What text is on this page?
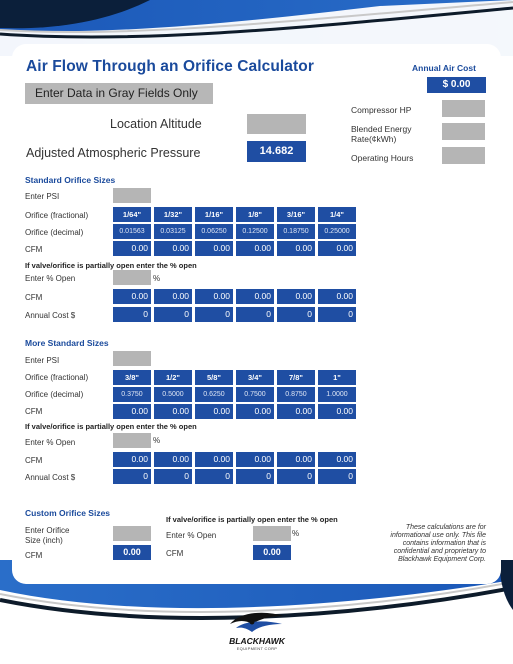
Air Flow Through an Orifice Calculator
Enter Data in Gray Fields Only
Location Altitude
Adjusted Atmospheric Pressure	14.682
Annual Air Cost
$ 0.00
Compressor HP
Blended Energy
Rate(¢kWh)
Operating Hours
Standard Orifice Sizes
Enter PSI
Orifice (fractional)	1/64"	1/32"	1/16"	1/8"	3/16"	1/4"
Orifice (decimal)	0.01563	0.03125	0.06250	0.12500	0.18750	0.25000
CFM	0.00	0.00	0.00	0.00	0.00	0.00
If valve/orifice is partially open enter the % open
Enter % Open	%
CFM	0.00	0.00	0.00	0.00	0.00	0.00
Annual Cost $	0	0	0	0	0	0
More Standard Sizes
Enter PSI
Orifice (fractional)	3/8"	1/2"	5/8"	3/4"	7/8"	1"
Orifice (decimal)	0.3750	0.5000	0.6250	0.7500	0.8750	1.0000
CFM	0.00	0.00	0.00	0.00	0.00	0.00
If valve/orifice is partially open enter the % open
Enter % Open	%
CFM	0.00	0.00	0.00	0.00	0.00	0.00
Annual Cost $	0	0	0	0	0	0
Custom Orifice Sizes
Enter Orifice
Size (inch)
CFM	0.00
If valve/orifice is partially open enter the % open
Enter % Open	%
CFM	0.00
These calculations are for informational use only. This file contains information that is confidential and proprietary to Blackhawk Equipment Corp.
BLACKHAWK
EQUIPMENT CORP
